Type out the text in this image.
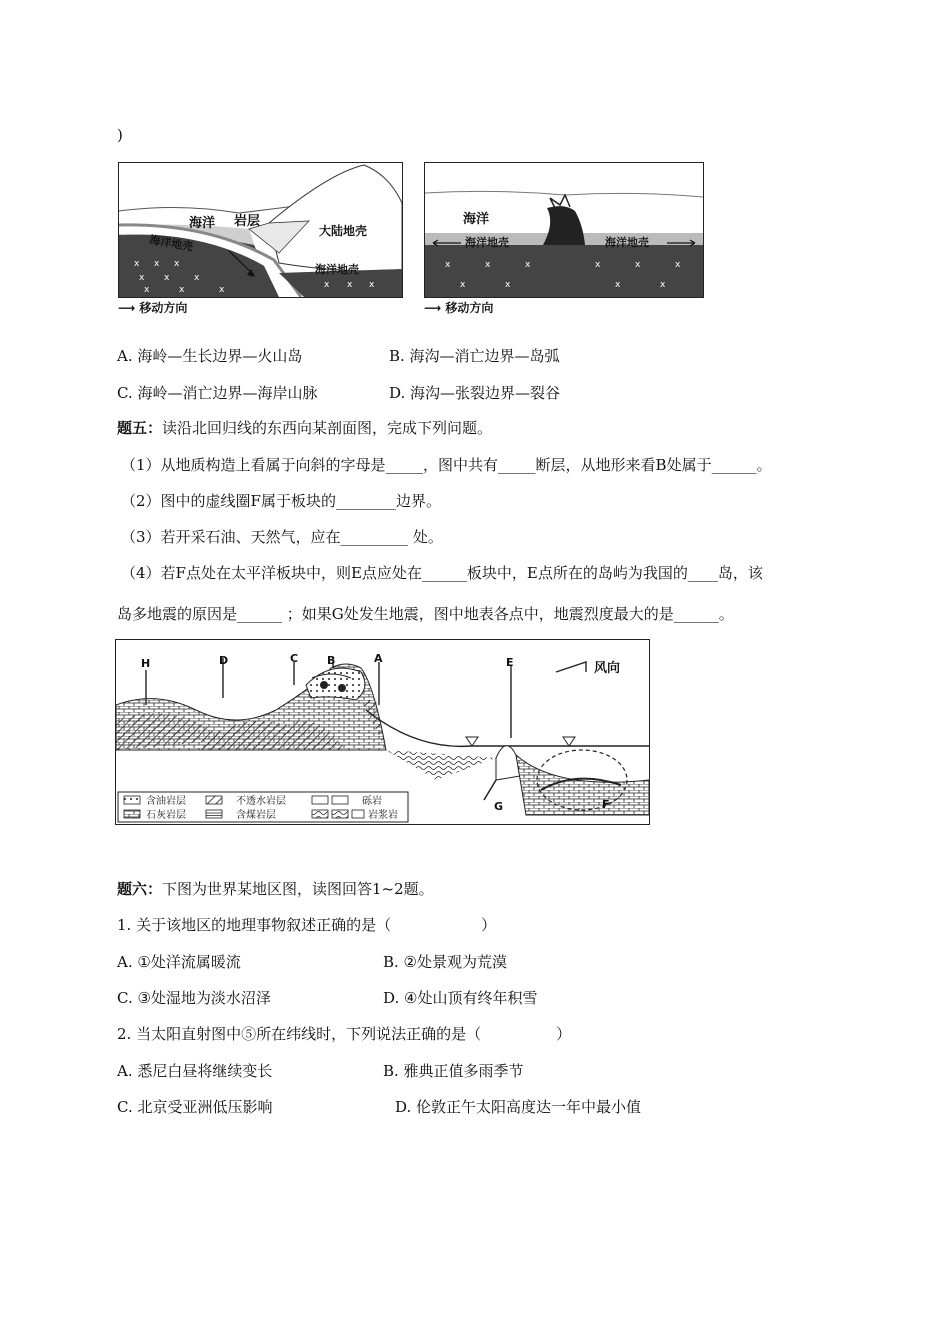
)
x x x
x x	x
x	x	x	x x x
海洋 岩层
大陆地壳
海洋地壳
海洋地壳
⟶ 移动方向
x	x	x	x	x	x
x	x	x	x
海洋
海洋地壳	海洋地壳
⟶ 移动方向
A. 海岭—生长边界—火山岛	B. 海沟—消亡边界—岛弧
C. 海岭—消亡边界—海岸山脉	D. 海沟—张裂边界—裂谷
题五：读沿北回归线的东西向某剖面图，完成下列问题。
（1）从地质构造上看属于向斜的字母是_____，图中共有_____断层，从地形来看B处属于______。
（2）图中的虚线圈F属于板块的________边界。
（3）若开采石油、天然气，应在_________ 处。
（4）若F点处在太平洋板块中，则E点应处在______板块中，E点所在的岛屿为我国的____岛，该
岛多地震的原因是______ ；如果G处发生地震，图中地表各点中，地震烈度最大的是______。
H	D	C	B	A	E
G	F
风向
含油岩层	不透水岩层	砾岩
石灰岩层	含煤岩层	岩浆岩
题六：下图为世界某地区图，读图回答1~2题。
1. 关于该地区的地理事物叙述正确的是（　　　　　　）
A. ①处洋流属暖流	B. ②处景观为荒漠
C. ③处湿地为淡水沼泽	D. ④处山顶有终年积雪
2. 当太阳直射图中⑤所在纬线时，下列说法正确的是（　　　　　）
A. 悉尼白昼将继续变长	B. 雅典正值多雨季节
C. 北京受亚洲低压影响	D. 伦敦正午太阳高度达一年中最小值
